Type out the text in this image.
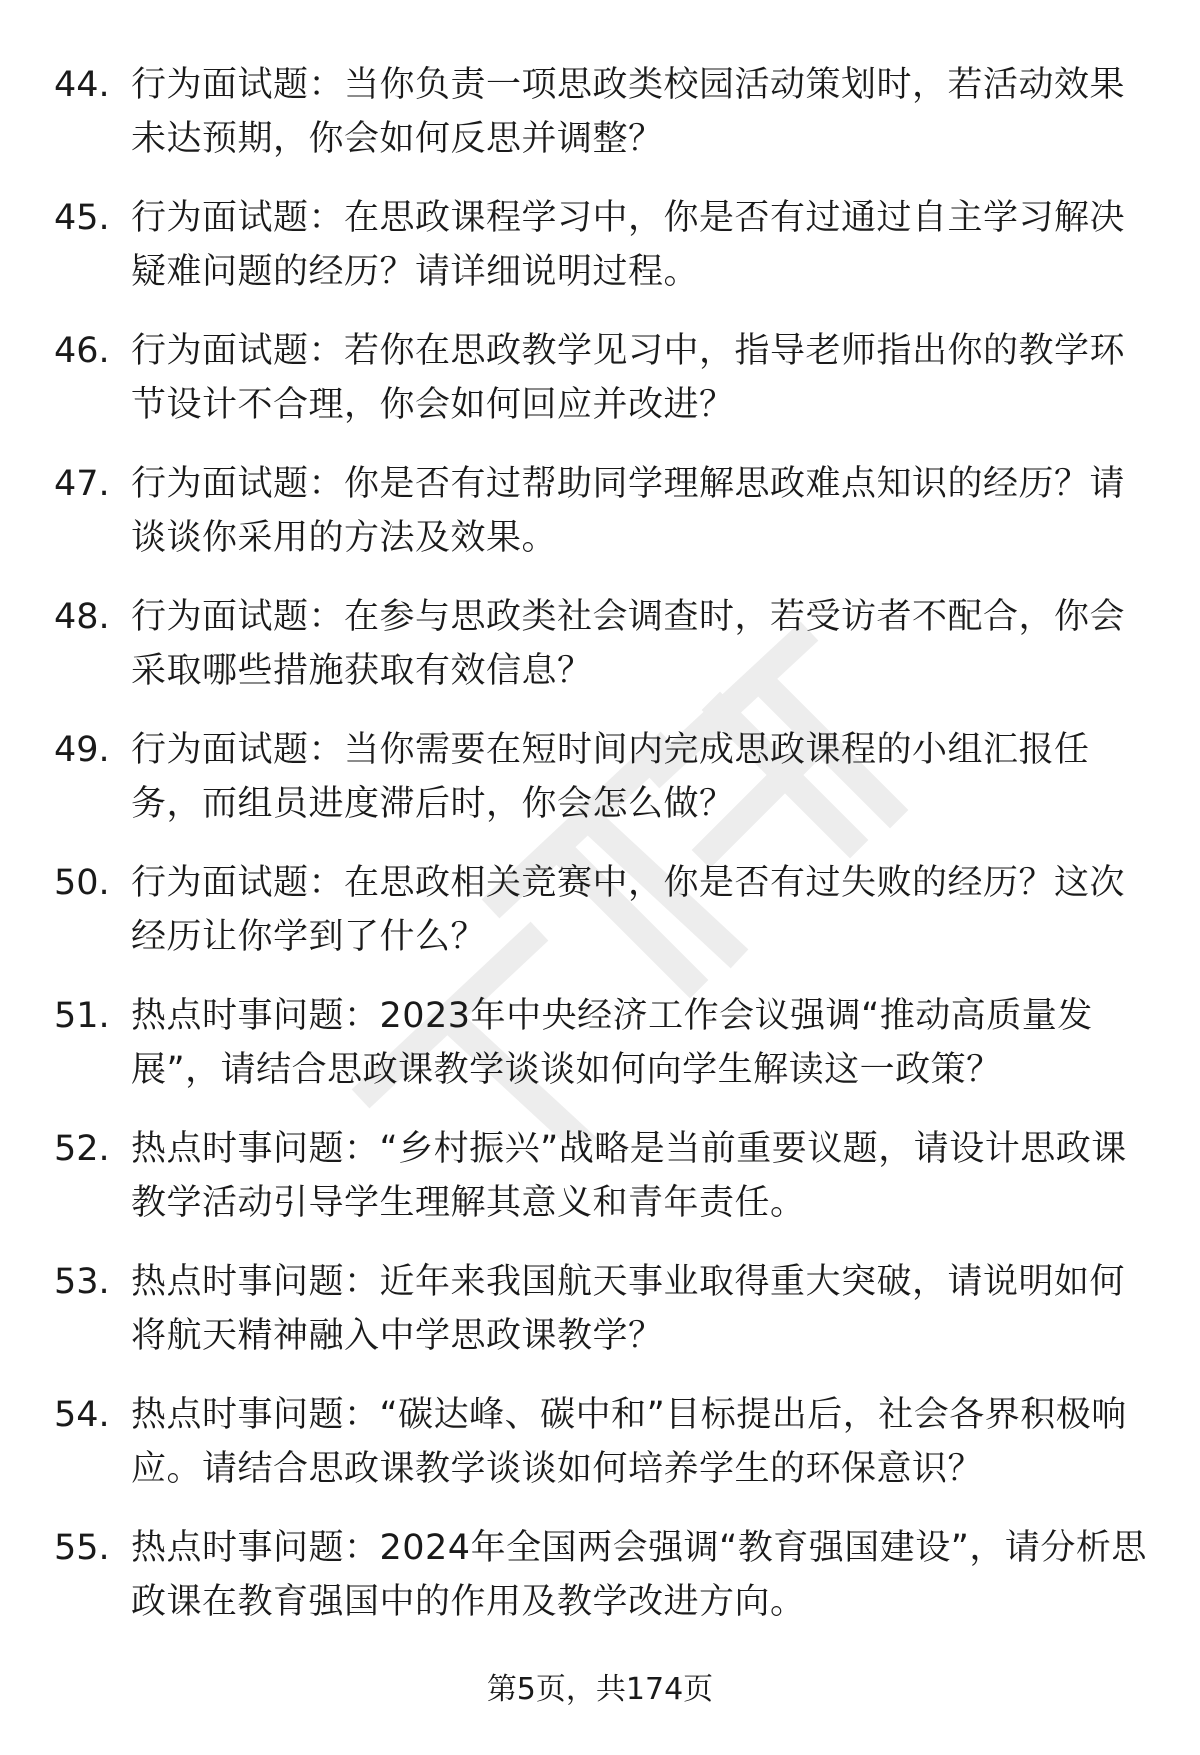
44. 行为面试题：当你负责一项思政类校园活动策划时，若活动效果未达预期，你会如何反思并调整？
45. 行为面试题：在思政课程学习中，你是否有过通过自主学习解决疑难问题的经历？请详细说明过程。
46. 行为面试题：若你在思政教学见习中，指导老师指出你的教学环节设计不合理，你会如何回应并改进？
47. 行为面试题：你是否有过帮助同学理解思政难点知识的经历？请谈谈你采用的方法及效果。
48. 行为面试题：在参与思政类社会调查时，若受访者不配合，你会采取哪些措施获取有效信息？
49. 行为面试题：当你需要在短时间内完成思政课程的小组汇报任务，而组员进度滞后时，你会怎么做？
50. 行为面试题：在思政相关竞赛中，你是否有过失败的经历？这次经历让你学到了什么？
51. 热点时事问题：2023年中央经济工作会议强调“推动高质量发展”，请结合思政课教学谈谈如何向学生解读这一政策？
52. 热点时事问题：“乡村振兴”战略是当前重要议题，请设计思政课教学活动引导学生理解其意义和青年责任。
53. 热点时事问题：近年来我国航天事业取得重大突破，请说明如何将航天精神融入中学思政课教学？
54. 热点时事问题：“碳达峰、碳中和”目标提出后，社会各界积极响应。请结合思政课教学谈谈如何培养学生的环保意识？
55. 热点时事问题：2024年全国两会强调“教育强国建设”，请分析思政课在教育强国中的作用及教学改进方向。
第5页，共174页
